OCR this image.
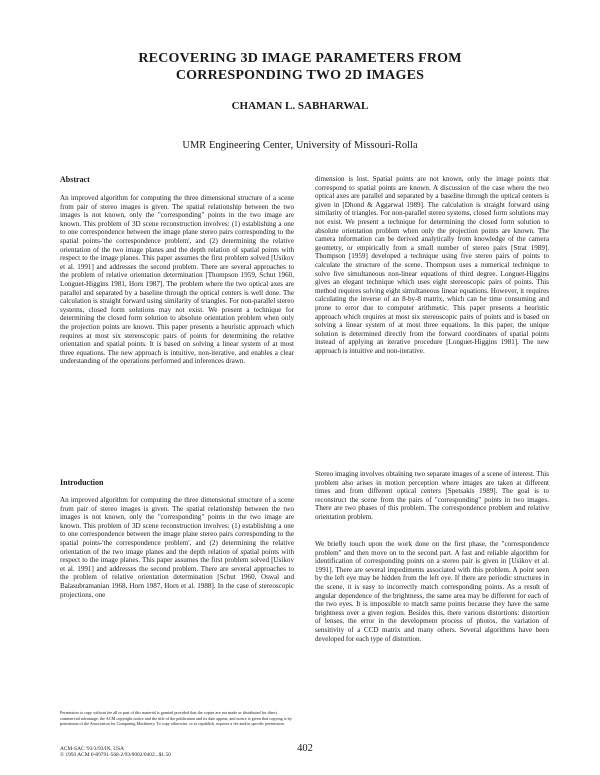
RECOVERING 3D IMAGE PARAMETERS FROM
CORRESPONDING TWO 2D IMAGES
CHAMAN L. SABHARWAL
UMR Engineering Center, University of Missouri-Rolla
Abstract

An improved algorithm for computing the three dimensional structure of a scene from pair of stereo images is given. The spatial relationship between the two images is not known, only the "corresponding" points in the two image are known. This problem of 3D scene reconstruction involves: (1) establishing a one to one correspondence between the image plane stereo pairs corresponding to the spatial points-'the correspondence problem', and (2) determining the relative orientation of the two image planes and the depth relation of spatial points with respect to the image planes. This paper assumes the first problem solved [Usikov et al. 1991] and addresses the second problem. There are several approaches to the problem of relative orientation determination [Thompson 1959, Schut 1960, Longuet-Higgins 1981, Horn 1987]. The problem where the two optical axes are parallel and separated by a baseline through the optical centers is well done. The calculation is straight forward using similarity of triangles. For non-parallel stereo systems, closed form solutions may not exist. We present a technique for determining the closed form solution to absolute orientation problem when only the projection points are known. This paper presents a heuristic approach which requires at most six stereoscopic pairs of points for determining the relative orientation and spatial points. It is based on solving a linear system of at most three equations. The new approach is intuitive, non-iterative, and enables a clear understanding of the operations performed and inferences drawn.

Introduction

An improved algorithm for computing the three dimensional structure of a scene from pair of stereo images is given. The spatial relationship between the two images is not known, only the "corresponding" points in the two image are known. This problem of 3D scene reconstruction involves: (1) establishing a one to one correspondence between the image plane stereo pairs corresponding to the spatial points-'the correspondence problem', and (2) determining the relative orientation of the two image planes and the depth relation of spatial points with respect to the image planes. This paper assumes the first problem solved [Usikov et al. 1991] and addresses the second problem. There are several approaches to the problem of relative orientation determination [Schut 1960, Oswal and Balasubramanian 1968, Horn 1987, Horn et al. 1988]. In the case of stereoscopic projections, one

Permission to copy without fee all or part of this material is granted provided that the copies are not made or distributed for direct commercial advantage, the ACM copyright notice and the title of the publication and its date appear, and notice is given that copying is by permission of the Association for Computing Machinery. To copy otherwise, or to republish, requires a fee and/or specific permission.
ACM-SAC '93/3/93/IN, USA
© 1993 ACM 0-89791-568-2/93/0002/0402...$1.50

dimension is lost. Spatial points are not known, only the image points that correspond to spatial points are known. A discussion of the case where the two optical axes are parallel and separated by a baseline through the optical centers is given in [Dhond & Aggarwal 1989]. The calculation is straight forward using similarity of triangles. For non-parallel stereo systems, closed form solutions may not exist. We present a technique for determining the closed form solution to absolute orientation problem when only the projection points are known. The camera information can be derived analytically from knowledge of the camera geometry, or empirically from a small number of stereo pairs [Strat 1989]. Thompson [1959] developed a technique using five stereo pairs of points to calculate the structure of the scene. Thompson uses a numerical technique to solve five simultaneous non-linear equations of third degree. Longuet-Higgins gives an elegant technique which uses eight stereoscopic pairs of points. This method requires solving eight simultaneous linear equations. However, it requires calculating the inverse of an 8-by-8 matrix, which can be time consuming and prone to error due to computer arithmetic. This paper presents a heuristic approach which requires at most six stereoscopic pairs of points and is based on solving a linear system of at most three equations. In this paper, the unique solution is determined directly from the forward coordinates of spatial points instead of applying an iterative procedure [Longuet-Higgins 1981]. The new approach is intuitive and non-iterative.

Stereo imaging involves obtaining two separate images of a scene of interest. This problem also arises in motion perception where images are taken at different times and from different optical centers [Spetsakis 1989]. The goal is to reconstruct the scene from the pairs of "corresponding" points in two images. There are two phases of this problem. The correspondence problem and relative orientation problem.

We briefly touch upon the work done on the first phase, the "correspondence problem" and then move on to the second part. A fast and reliable algorithm for identification of corresponding points on a stereo pair is given in [Usikov et al. 1991]. There are several impediments associated with this problem. A point seen by the left eye may be hidden from the left eye. If there are periodic structures in the scene, it is easy to incorrectly match corresponding points. As a result of angular dependence of the brightness, the same area may be different for each of the two eyes. It is impossible to match same points because they have the same brightness over a given region. Besides this, there various distortions: distortion of lenses, the error in the development process of photos, the variation of sensitivity of a CCD matrix and many others. Several algorithms have been developed for each type of distortion.

402
